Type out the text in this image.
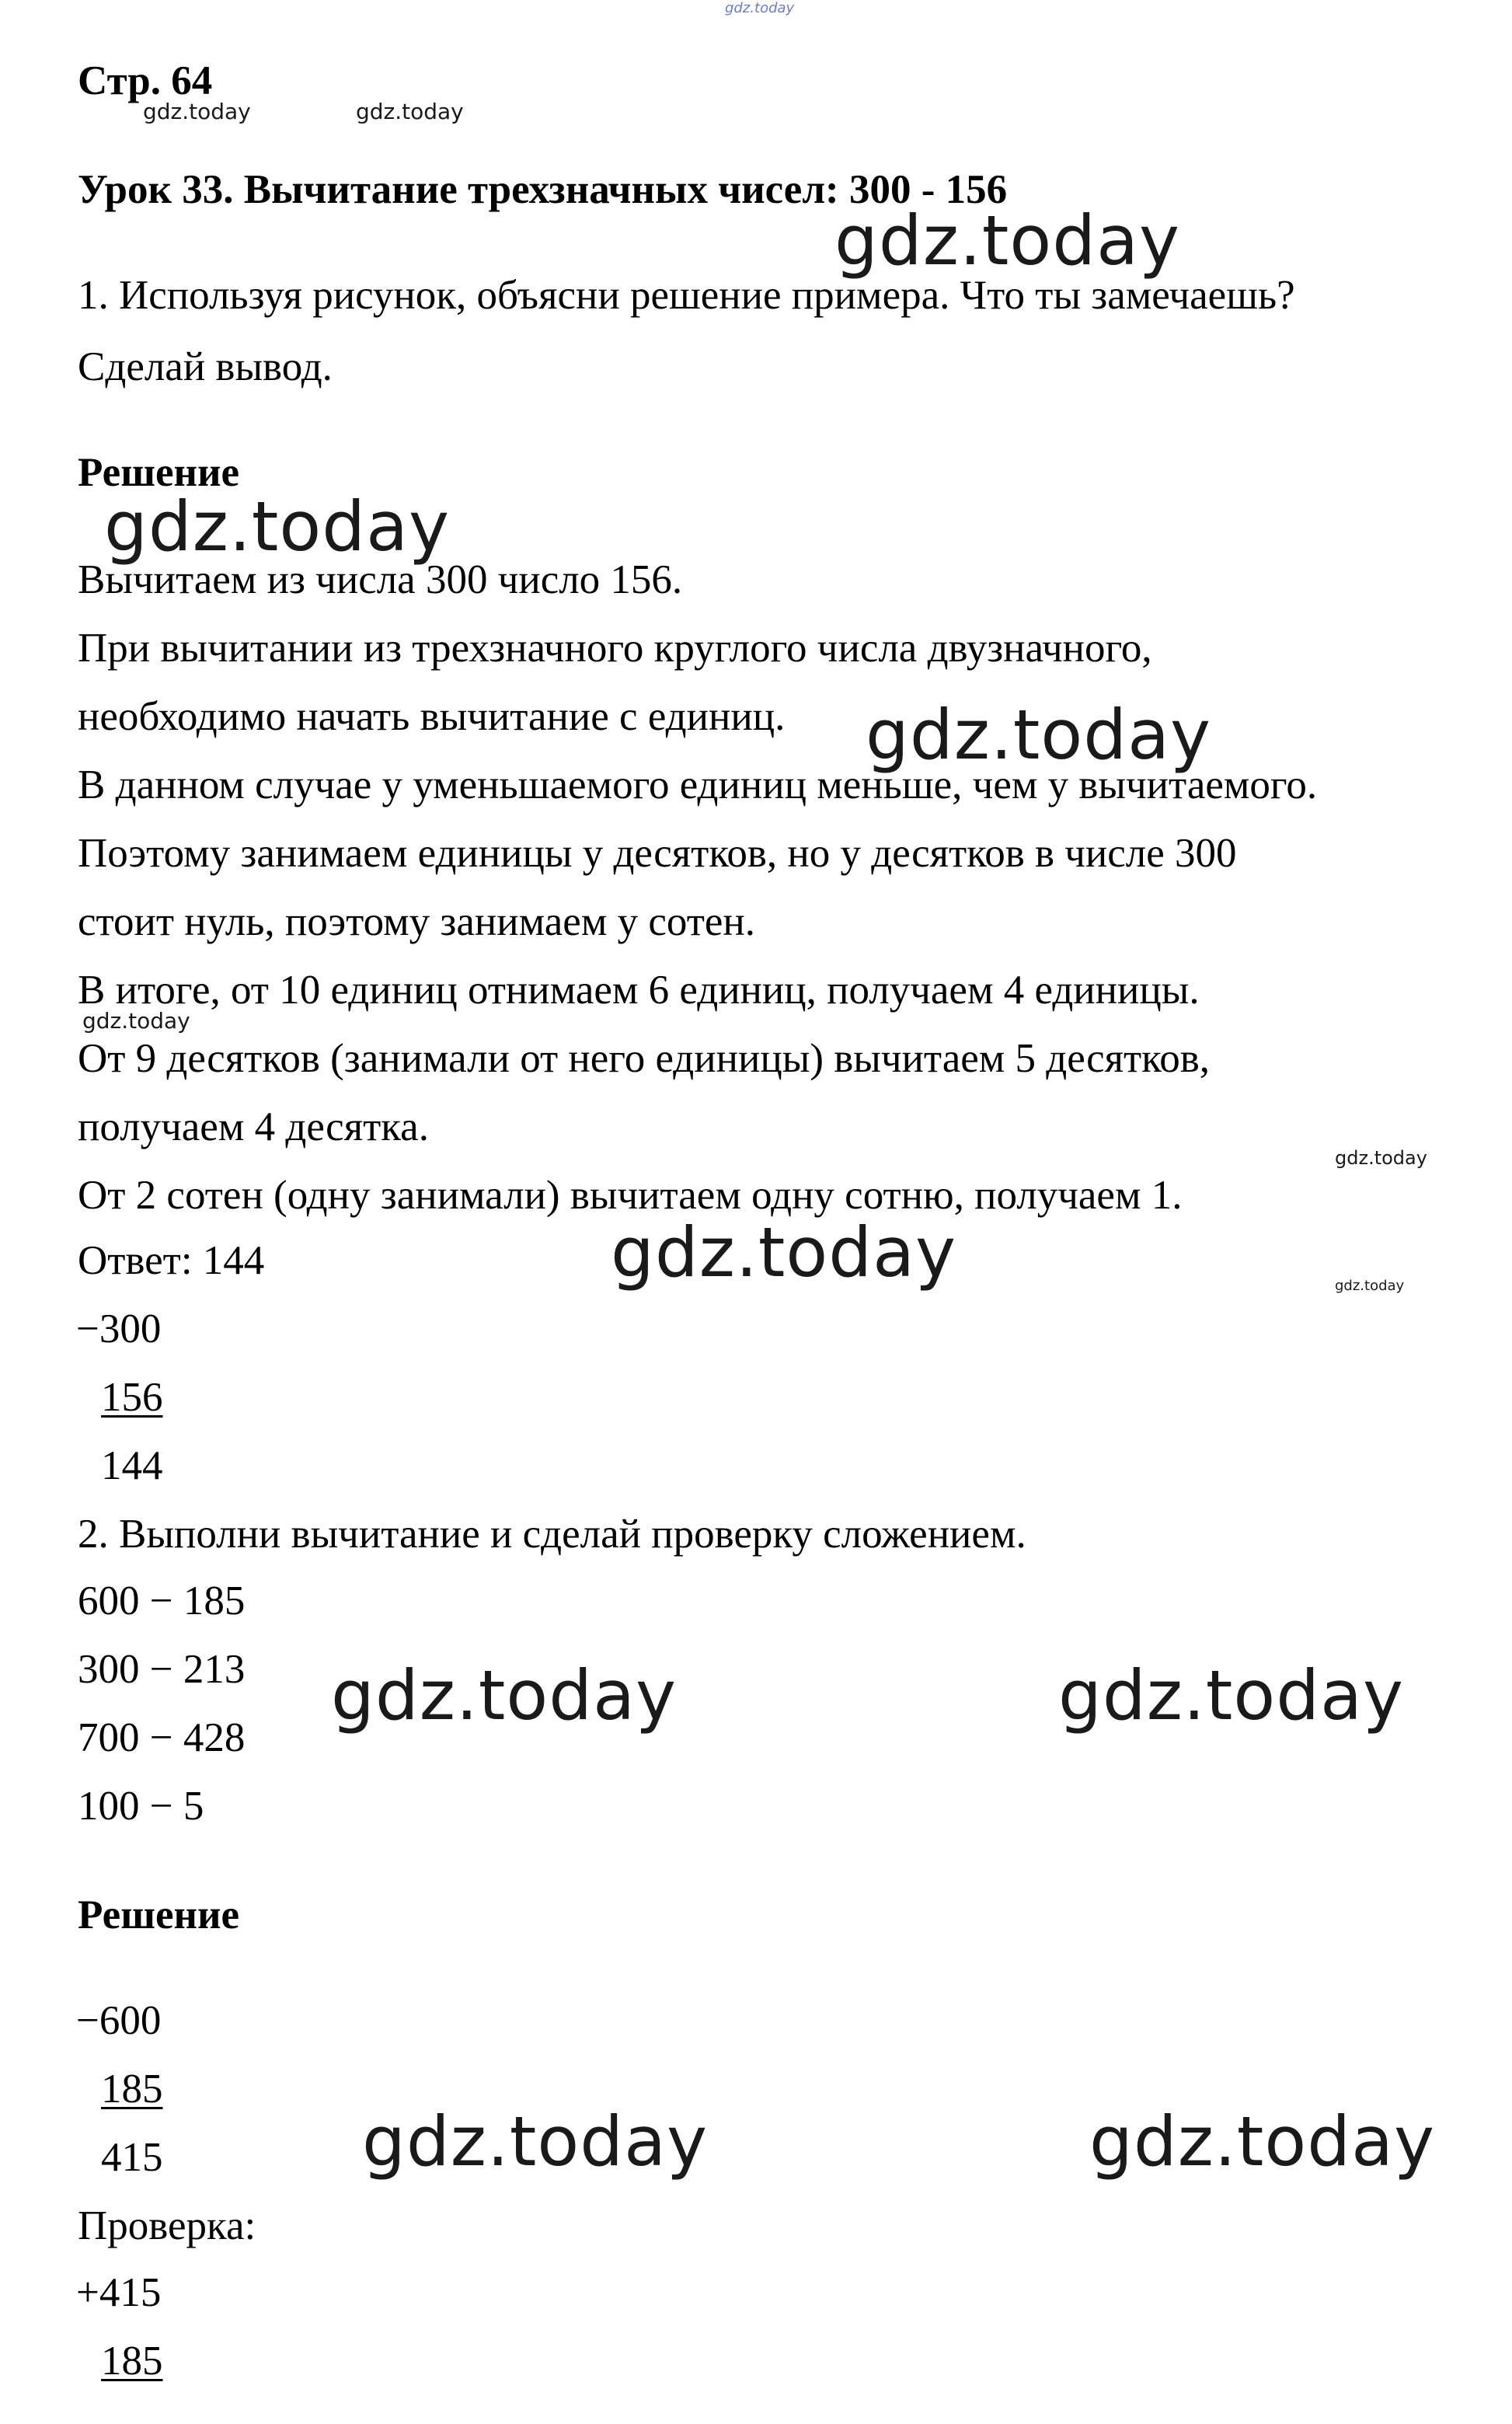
gdz.today
Стр. 64
gdz.today	gdz.today
Урок 33. Вычитание трехзначных чисел: 300 - 156
gdz.today
1. Используя рисунок, объясни решение примера. Что ты замечаешь?
Сделай вывод.
Решение
gdz.today
Вычитаем из числа 300 число 156.
При вычитании из трехзначного круглого числа двузначного,
необходимо начать вычитание с единиц. gdz.today
В данном случае у уменьшаемого единиц меньше, чем у вычитаемого.
Поэтому занимаем единицы у десятков, но у десятков в числе 300
стоит нуль, поэтому занимаем у сотен.
В итоге, от 10 единиц отнимаем 6 единиц, получаем 4 единицы.
gdz.today
От 9 десятков (занимали от него единицы) вычитаем 5 десятков,
получаем 4 десятка.
gdz.today
От 2 сотен (одну занимали) вычитаем одну сотню, получаем 1.
Ответ: 144	gdz.today	gdz.today
−300
156
144
2. Выполни вычитание и сделай проверку сложением.
600 − 185
300 − 213 gdz.today	gdz.today
700 − 428
100 − 5
Решение
−600
185
415	gdz.today	gdz.today
Проверка:
+415
185
